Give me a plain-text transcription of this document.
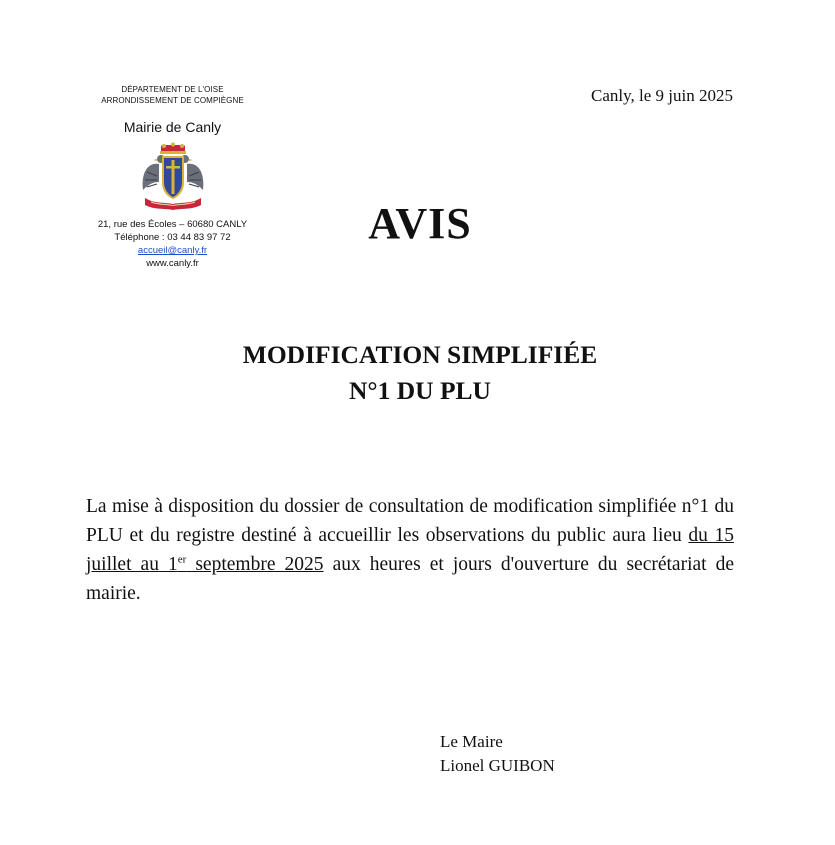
DÉPARTEMENT DE L'OISE
ARRONDISSEMENT DE COMPIÈGNE
Mairie de Canly
21, rue des Écoles – 60680 CANLY
Téléphone : 03 44 83 97 72
accueil@canly.fr
www.canly.fr
Canly, le 9 juin 2025
AVIS
MODIFICATION SIMPLIFIÉE
N°1 DU PLU
La mise à disposition du dossier de consultation de modification simplifiée n°1 du PLU et du registre destiné à accueillir les observations du public aura lieu du 15 juillet au 1er septembre 2025 aux heures et jours d'ouverture du secrétariat de mairie.
Le Maire
Lionel GUIBON
